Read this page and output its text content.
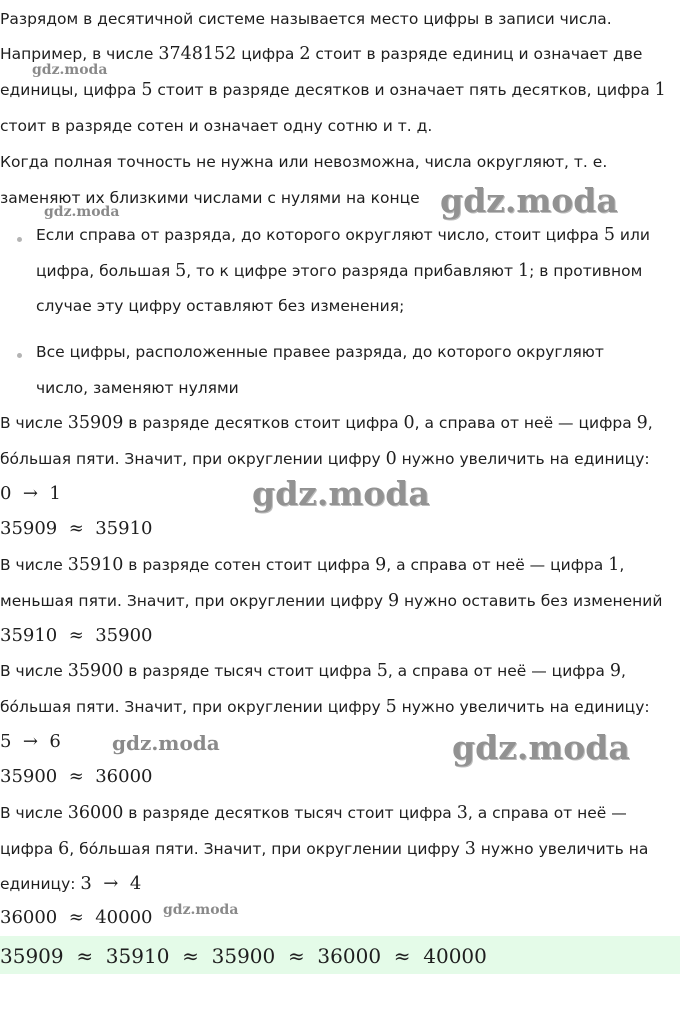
Разрядом в десятичной системе называется место цифры в записи числа.
Например, в числе 3748152 цифра 2 стоит в разряде единиц и означает две
единицы, цифра 5 стоит в разряде десятков и означает пять десятков, цифра 1
стоит в разряде сотен и означает одну сотню и т. д.
Когда полная точность не нужна или невозможна, числа округляют, т. е.
заменяют их близкими числами с нулями на конце
Если справа от разряда, до которого округляют число, стоит цифра 5 или
цифра, большая 5, то к цифре этого разряда прибавляют 1; в противном
случае эту цифру оставляют без изменения;
Все цифры, расположенные правее разряда, до которого округляют
число, заменяют нулями
В числе 35909 в разряде десятков стоит цифра 0, а справа от неё — цифра 9,
бо́льшая пяти. Значит, при округлении цифру 0 нужно увеличить на единицу:
0  →  1
35909  ≈  35910
В числе 35910 в разряде сотен стоит цифра 9, а справа от неё — цифра 1,
меньшая пяти. Значит, при округлении цифру 9 нужно оставить без изменений
35910  ≈  35900
В числе 35900 в разряде тысяч стоит цифра 5, а справа от неё — цифра 9,
бо́льшая пяти. Значит, при округлении цифру 5 нужно увеличить на единицу:
5  →  6
35900  ≈  36000
В числе 36000 в разряде десятков тысяч стоит цифра 3, а справа от неё —
цифра 6, бо́льшая пяти. Значит, при округлении цифру 3 нужно увеличить на
единицу: 3  →  4
36000  ≈  40000
35909  ≈  35910  ≈  35900  ≈  36000  ≈  40000
gdz.moda
gdz.moda
gdz.moda
gdz.moda
gdz.moda	gdz.moda
gdz.moda
